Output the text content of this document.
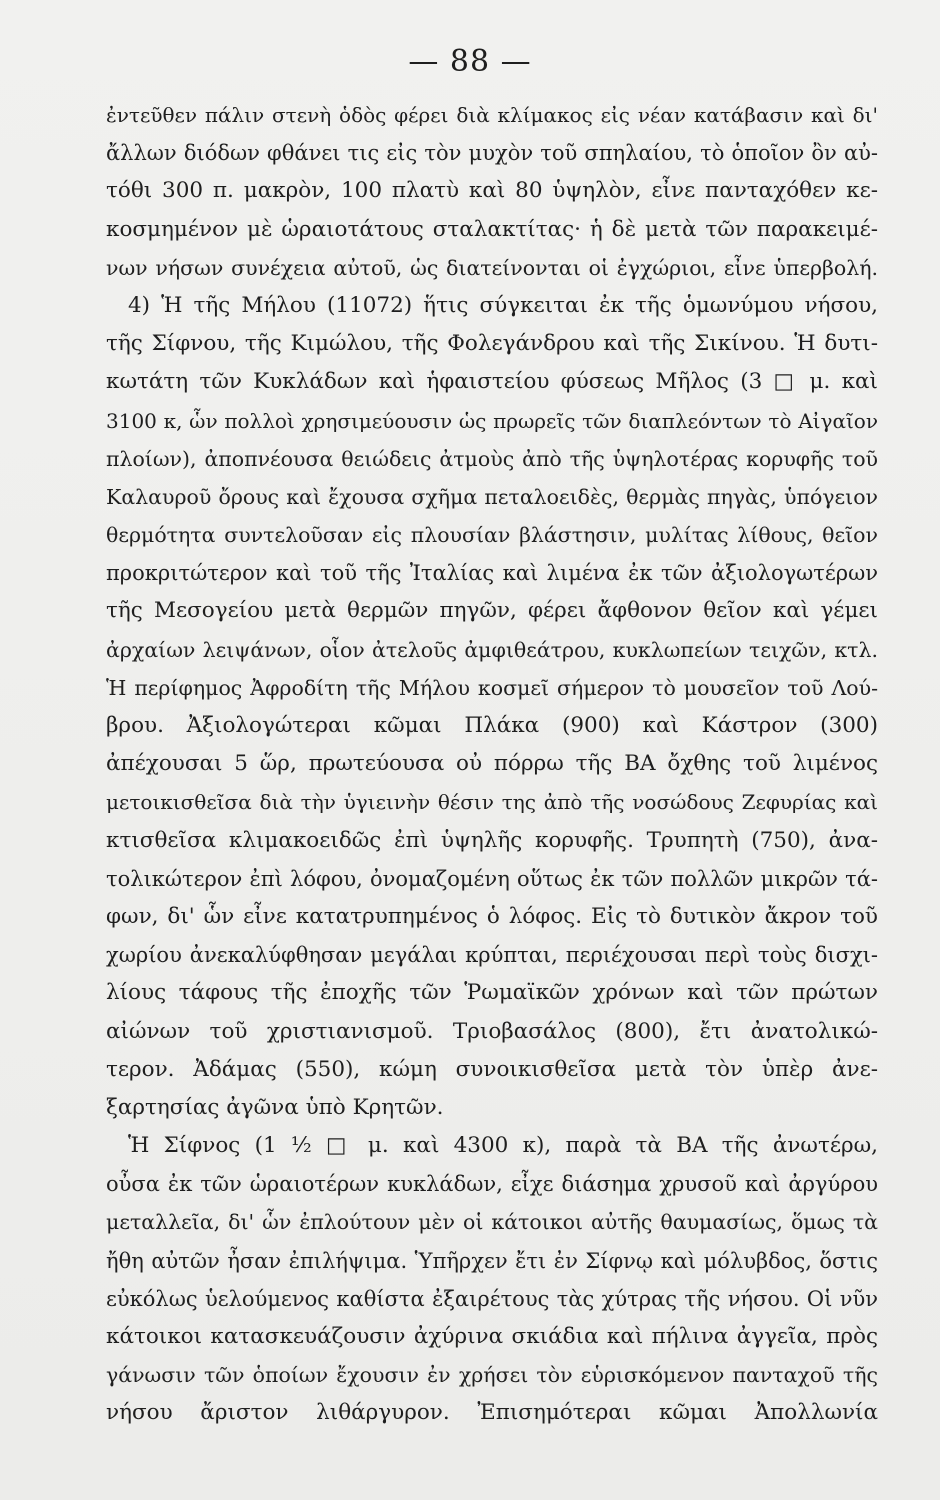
— 88 —
ἐντεῦθεν πάλιν στενὴ ὁδὸς φέρει διὰ κλίμακος εἰς νέαν κατάβασιν καὶ δι'
ἄλλων διόδων φθάνει τις εἰς τὸν μυχὸν τοῦ σπηλαίου, τὸ ὁποῖον ὂν αὐ-
τόθι 300 π. μακρὸν, 100 πλατὺ καὶ 80 ὑψηλὸν, εἶνε πανταχόθεν κε-
κοσμημένον μὲ ὡραιοτάτους σταλακτίτας· ἡ δὲ μετὰ τῶν παρακειμέ-
νων νήσων συνέχεια αὐτοῦ, ὡς διατείνονται οἱ ἐγχώριοι, εἶνε ὑπερβολή.
4) Ἡ τῆς Μήλου (11072) ἥτις σύγκειται ἐκ τῆς ὁμωνύμου νήσου,
τῆς Σίφνου, τῆς Κιμώλου, τῆς Φολεγάνδρου καὶ τῆς Σικίνου. Ἡ δυτι-
κωτάτη τῶν Κυκλάδων καὶ ἡφαιστείου φύσεως Μῆλος (3 □ μ. καὶ
3100 κ, ὧν πολλοὶ χρησιμεύουσιν ὡς πρωρεῖς τῶν διαπλεόντων τὸ Αἰγαῖον
πλοίων), ἀποπνέουσα θειώδεις ἀτμοὺς ἀπὸ τῆς ὑψηλοτέρας κορυφῆς τοῦ
Καλαυροῦ ὄρους καὶ ἔχουσα σχῆμα πεταλοειδὲς, θερμὰς πηγὰς, ὑπόγειον
θερμότητα συντελοῦσαν εἰς πλουσίαν βλάστησιν, μυλίτας λίθους, θεῖον
προκριτώτερον καὶ τοῦ τῆς Ἰταλίας καὶ λιμένα ἐκ τῶν ἀξιολογωτέρων
τῆς Μεσογείου μετὰ θερμῶν πηγῶν, φέρει ἄφθονον θεῖον καὶ γέμει
ἀρχαίων λειψάνων, οἷον ἀτελοῦς ἀμφιθεάτρου, κυκλωπείων τειχῶν, κτλ.
Ἡ περίφημος Ἀφροδίτη τῆς Μήλου κοσμεῖ σήμερον τὸ μουσεῖον τοῦ Λού-
βρου. Ἀξιολογώτεραι κῶμαι Πλάκα (900) καὶ Κάστρον (300)
ἀπέχουσαι 5 ὥρ, πρωτεύουσα οὐ πόρρω τῆς ΒΑ ὄχθης τοῦ λιμένος
μετοικισθεῖσα διὰ τὴν ὑγιεινὴν θέσιν της ἀπὸ τῆς νοσώδους Ζεφυρίας καὶ
κτισθεῖσα κλιμακοειδῶς ἐπὶ ὑψηλῆς κορυφῆς. Τρυπητὴ (750), ἀνα-
τολικώτερον ἐπὶ λόφου, ὀνομαζομένη οὕτως ἐκ τῶν πολλῶν μικρῶν τά-
φων, δι' ὧν εἶνε κατατρυπημένος ὁ λόφος. Εἰς τὸ δυτικὸν ἄκρον τοῦ
χωρίου ἀνεκαλύφθησαν μεγάλαι κρύπται, περιέχουσαι περὶ τοὺς δισχι-
λίους τάφους τῆς ἐποχῆς τῶν Ῥωμαϊκῶν χρόνων καὶ τῶν πρώτων
αἰώνων τοῦ χριστιανισμοῦ. Τριοβασάλος (800), ἔτι ἀνατολικώ-
τερον. Ἀδάμας (550), κώμη συνοικισθεῖσα μετὰ τὸν ὑπὲρ ἀνε-
ξαρτησίας ἀγῶνα ὑπὸ Κρητῶν.
Ἡ Σίφνος (1 ½ □ μ. καὶ 4300 κ), παρὰ τὰ ΒΑ τῆς ἀνωτέρω,
οὖσα ἐκ τῶν ὡραιοτέρων κυκλάδων, εἶχε διάσημα χρυσοῦ καὶ ἀργύρου
μεταλλεῖα, δι' ὧν ἐπλούτουν μὲν οἱ κάτοικοι αὐτῆς θαυμασίως, ὅμως τὰ
ἤθη αὐτῶν ἦσαν ἐπιλήψιμα. Ὑπῆρχεν ἔτι ἐν Σίφνῳ καὶ μόλυβδος, ὅστις
εὐκόλως ὑελούμενος καθίστα ἐξαιρέτους τὰς χύτρας τῆς νήσου. Οἱ νῦν
κάτοικοι κατασκευάζουσιν ἀχύρινα σκιάδια καὶ πήλινα ἀγγεῖα, πρὸς
γάνωσιν τῶν ὁποίων ἔχουσιν ἐν χρήσει τὸν εὑρισκόμενον πανταχοῦ τῆς
νήσου ἄριστον λιθάργυρον. Ἐπισημότεραι κῶμαι Ἀπολλωνία
